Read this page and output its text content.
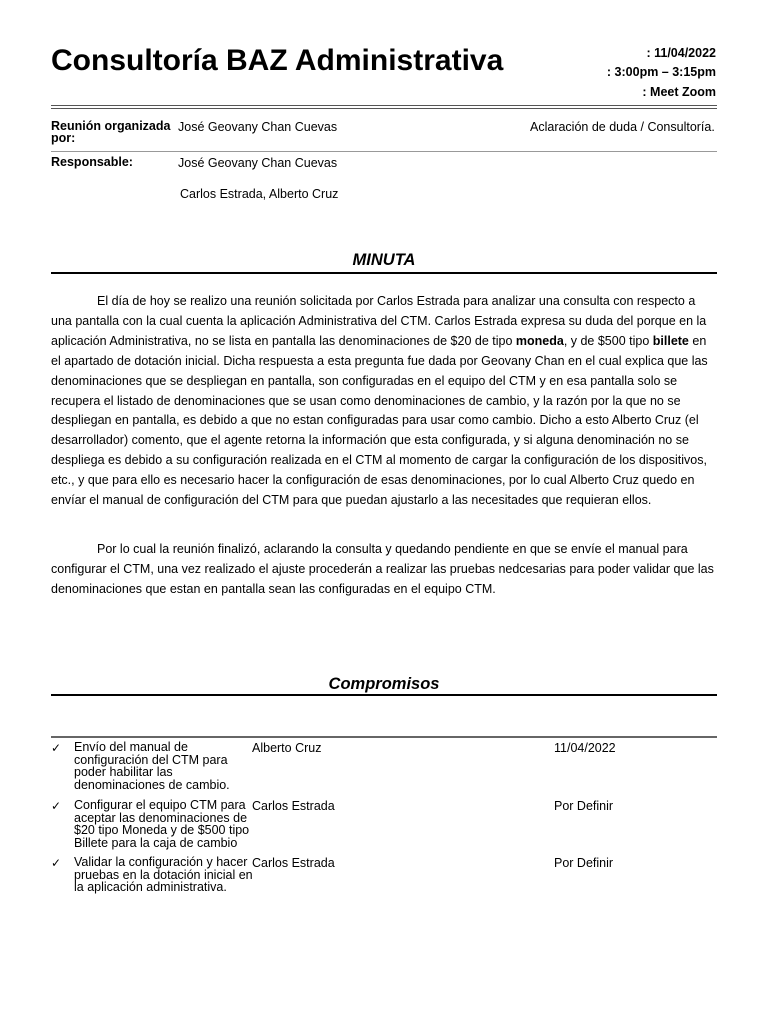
Consultoría BAZ Administrativa	: 11/04/2022
: 3:00pm – 3:15pm
: Meet Zoom
Reunión organizada
por:
José Geovany Chan Cuevas	Aclaración de duda / Consultoría.
Responsable:	José Geovany Chan Cuevas
Carlos Estrada, Alberto Cruz
MINUTA

El día de hoy se realizo una reunión solicitada por Carlos Estrada para analizar una consulta con respecto a una pantalla con la cual cuenta la aplicación Administrativa del CTM. Carlos Estrada expresa su duda del porque en la aplicación Administrativa, no se lista en pantalla las denominaciones de $20 de tipo moneda, y de $500 tipo billete en el apartado de dotación inicial. Dicha respuesta a esta pregunta fue dada por Geovany Chan en el cual explica que las denominaciones que se despliegan en pantalla, son configuradas en el equipo del CTM y en esa pantalla solo se recupera el listado de denominaciones que se usan como denominaciones de cambio, y la razón por la que no se despliegan en pantalla, es debido a que no estan configuradas para usar como cambio. Dicho a esto Alberto Cruz (el desarrollador) comento, que el agente retorna la información que esta configurada, y si alguna denominación no se despliega es debido a su configuración realizada en el CTM al momento de cargar la configuración de los dispositivos, etc., y que para ello es necesario hacer la configuración de esas denominaciones, por lo cual Alberto Cruz quedo en envíar el manual de configuración del CTM para que puedan ajustarlo a las necesitades que requieran ellos.

Por lo cual la reunión finalizó, aclarando la consulta y quedando pendiente en que se envíe el manual para configurar el CTM, una vez realizado el ajuste procederán a realizar las pruebas nedcesarias para poder validar que las denominaciones que estan en pantalla sean las configuradas en el equipo CTM.

Compromisos
✓ Envío del manual de configuración del CTM para poder habilitar las denominaciones de cambio.
Alberto Cruz	11/04/2022
✓ Configurar el equipo CTM para aceptar las denominaciones de $20 tipo Moneda y de $500 tipo Billete para la caja de cambio
Carlos Estrada	Por Definir
✓ Validar la configuración y hacer pruebas en la dotación inicial en la aplicación administrativa.
Carlos Estrada	Por Definir
